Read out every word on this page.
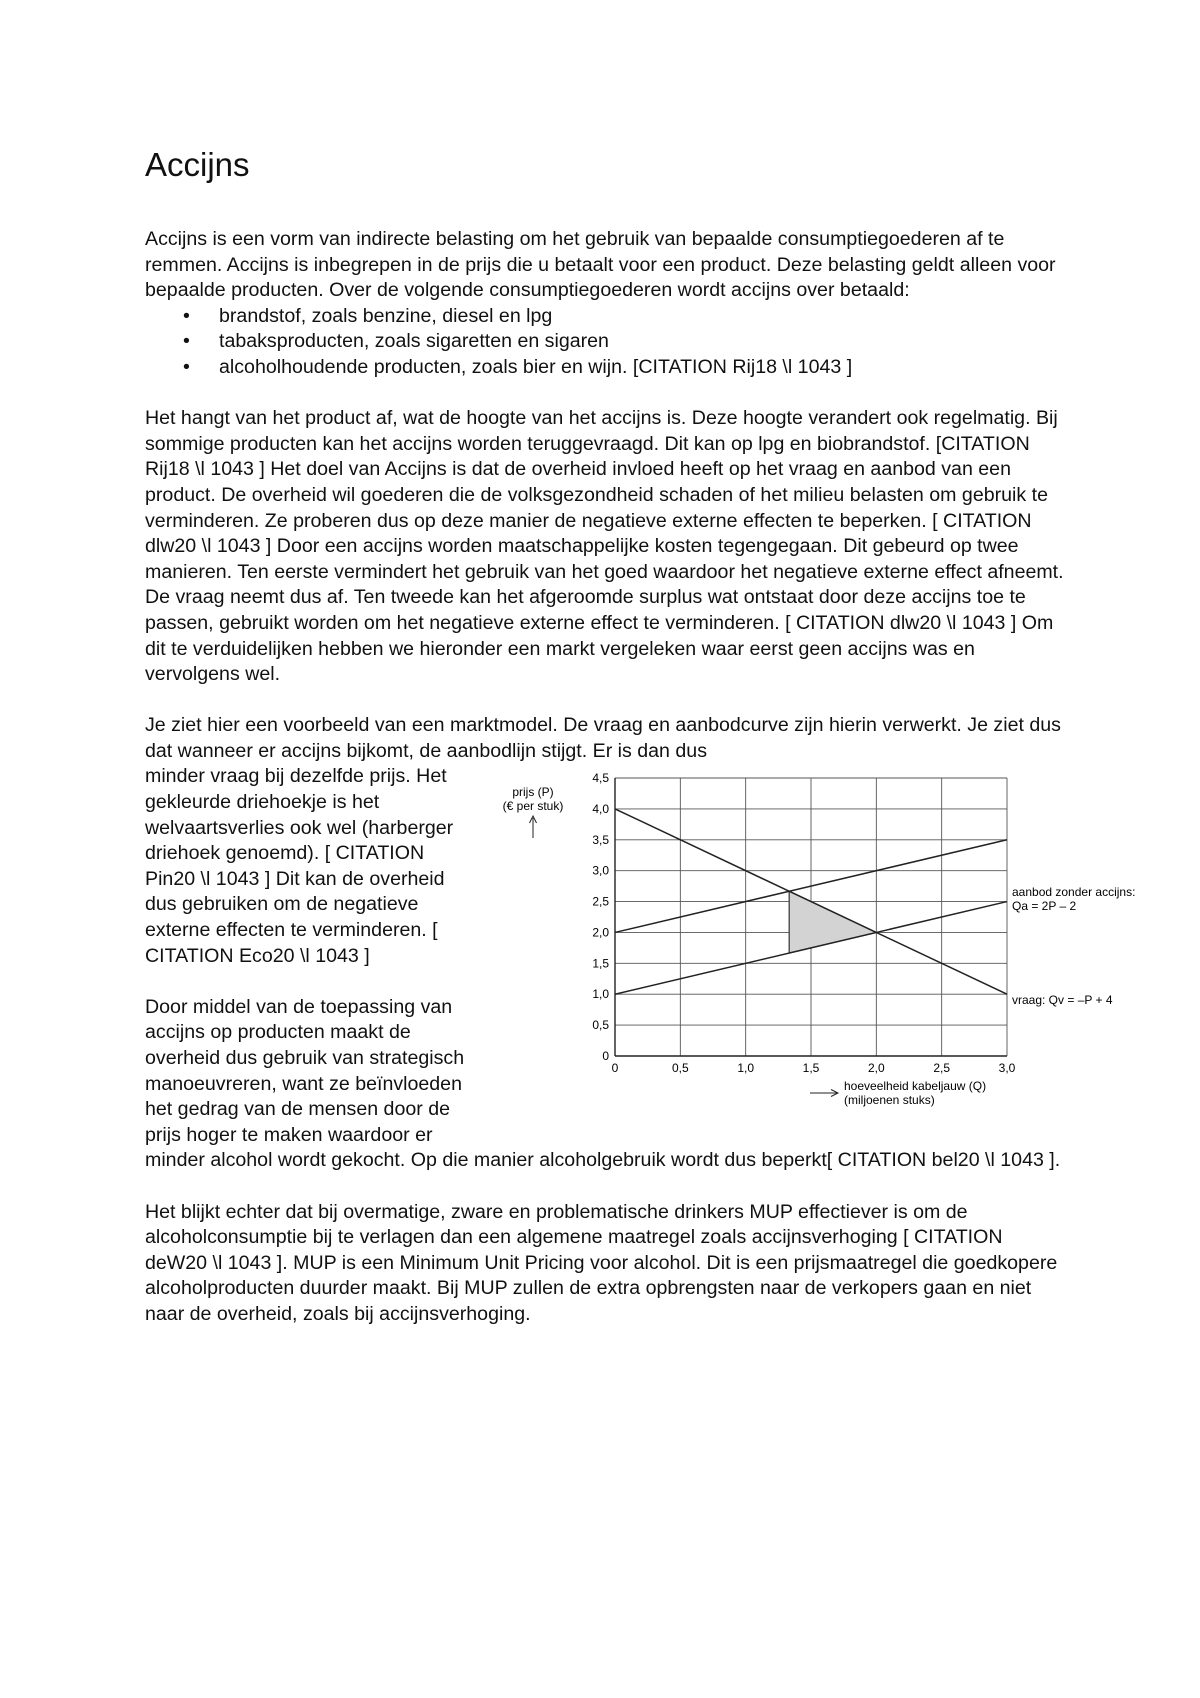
Accijns

Accijns is een vorm van indirecte belasting om het gebruik van bepaalde consumptiegoederen af te remmen. Accijns is inbegrepen in de prijs die u betaalt voor een product. Deze belasting geldt alleen voor bepaalde producten. Over de volgende consumptiegoederen wordt accijns over betaald:

• brandstof, zoals benzine, diesel en lpg
• tabaksproducten, zoals sigaretten en sigaren
• alcoholhoudende producten, zoals bier en wijn. [CITATION Rij18 \l 1043 ]

Het hangt van het product af, wat de hoogte van het accijns is. Deze hoogte verandert ook regelmatig. Bij sommige producten kan het accijns worden teruggevraagd. Dit kan op lpg en biobrandstof. [CITATION Rij18 \l 1043 ] Het doel van Accijns is dat de overheid invloed heeft op het vraag en aanbod van een product. De overheid wil goederen die de volksgezondheid schaden of het milieu belasten om gebruik te verminderen. Ze proberen dus op deze manier de negatieve externe effecten te beperken. [ CITATION dlw20 \l 1043 ] Door een accijns worden maatschappelijke kosten tegengegaan. Dit gebeurd op twee manieren. Ten eerste vermindert het gebruik van het goed waardoor het negatieve externe effect afneemt. De vraag neemt dus af. Ten tweede kan het afgeroomde surplus wat ontstaat door deze accijns toe te passen, gebruikt worden om het negatieve externe effect te verminderen. [ CITATION dlw20 \l 1043 ] Om dit te verduidelijken hebben we hieronder een markt vergeleken waar eerst geen accijns was en vervolgens wel.

Je ziet hier een voorbeeld van een marktmodel. De vraag en aanbodcurve zijn hierin verwerkt. Je ziet dus dat wanneer er accijns bijkomt, de aanbodlijn stijgt. Er is dan dus

0
0,5
1,0
1,5
2,0
2,5
3,0
3,5
4,0
4,5
0	0,5	1,0	1,5	2,0	2,5	3,0
prijs (P)
(€ per stuk)
hoeveelheid kabeljauw (Q)
(miljoenen stuks)
aanbod zonder accijns:
Qa = 2P – 2
vraag: Qv = –P + 4

minder vraag bij dezelfde prijs. Het gekleurde driehoekje is het welvaartsverlies ook wel (harberger driehoek genoemd). [ CITATION Pin20 \l 1043 ] Dit kan de overheid dus gebruiken om de negatieve externe effecten te verminderen. [ CITATION Eco20 \l 1043 ]

Door middel van de toepassing van accijns op producten maakt de overheid dus gebruik van strategisch manoeuvreren, want ze beïnvloeden het gedrag van de mensen door de prijs hoger te maken waardoor er minder alcohol wordt gekocht. Op die manier alcoholgebruik wordt dus beperkt[ CITATION bel20 \l 1043 ].

Het blijkt echter dat bij overmatige, zware en problematische drinkers MUP effectiever is om de alcoholconsumptie bij te verlagen dan een algemene maatregel zoals accijnsverhoging [ CITATION deW20 \l 1043 ]. MUP is een Minimum Unit Pricing voor alcohol. Dit is een prijsmaatregel die goedkopere alcoholproducten duurder maakt. Bij MUP zullen de extra opbrengsten naar de verkopers gaan en niet naar de overheid, zoals bij accijnsverhoging.
